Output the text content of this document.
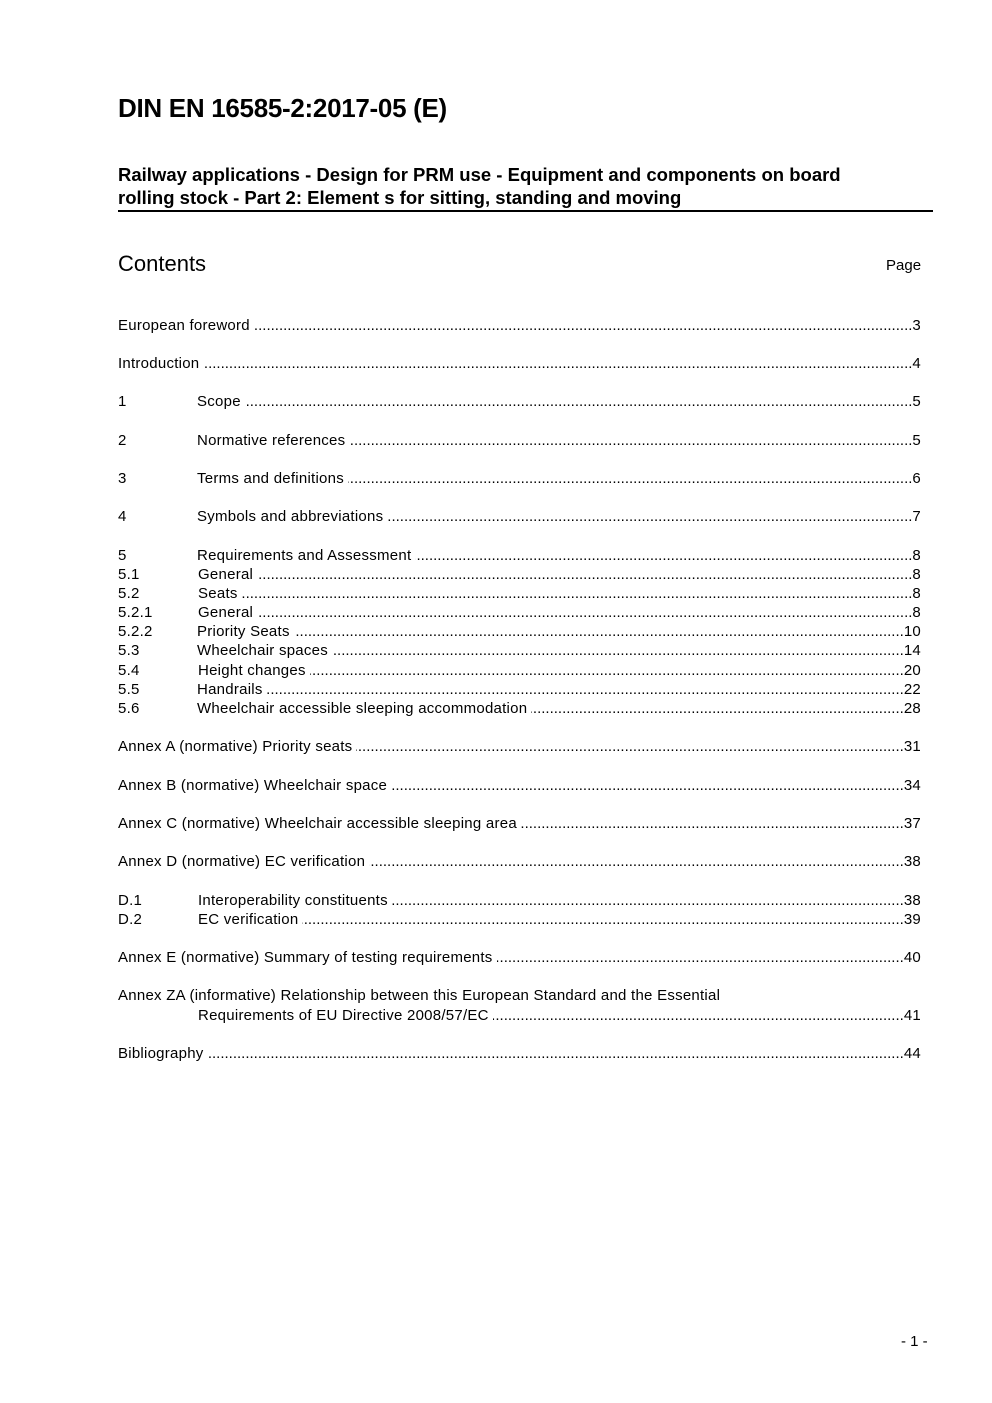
DIN EN 16585-2:2017-05 (E)
Railway applications - Design for PRM use - Equipment and components on board
rolling stock - Part 2: Element s for sitting, standing and moving
Contents	Page
European foreword .....	3
Introduction .....	4
1	Scope .....	5
2	Normative references .....	5
3	Terms and definitions .....	6
4	Symbols and abbreviations .....	7
5	Requirements and Assessment .....	8
5.1	General .....	8
5.2	Seats .....	8
5.2.1	General .....	8
5.2.2	Priority Seats .....	10
5.3	Wheelchair spaces .....	14
5.4	Height changes .....	20
5.5	Handrails .....	22
5.6	Wheelchair accessible sleeping accommodation .....	28
Annex A (normative) Priority seats .....	31
Annex B (normative) Wheelchair space .....	34
Annex C (normative) Wheelchair accessible sleeping area .....	37
Annex D (normative) EC verification .....	38
D.1	Interoperability constituents .....	38
D.2	EC verification .....	39
Annex E (normative) Summary of testing requirements .....	40
Annex ZA (informative) Relationship between this European Standard and the Essential
Requirements of EU Directive 2008/57/EC .....	41
Bibliography .....	44
- 1 -
